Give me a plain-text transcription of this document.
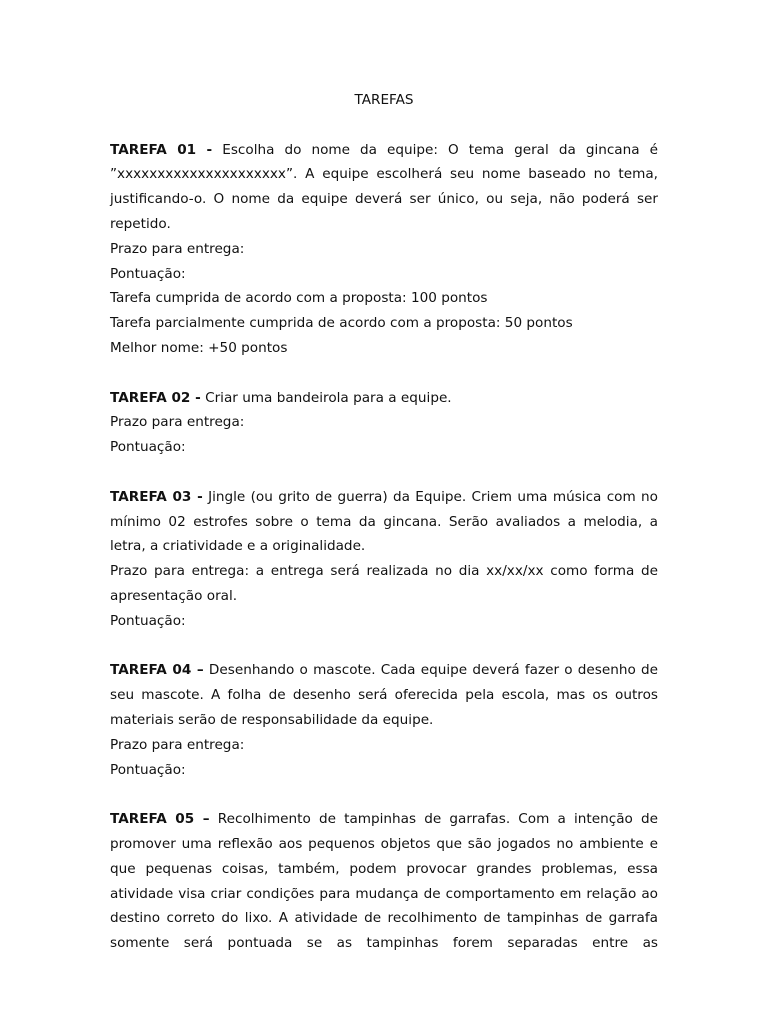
TAREFAS

TAREFA 01 - Escolha do nome da equipe: O tema geral da gincana é ”xxxxxxxxxxxxxxxxxxxxx”. A equipe escolherá seu nome baseado no tema, justificando-o. O nome da equipe deverá ser único, ou seja, não poderá ser repetido.

Prazo para entrega:

Pontuação:

Tarefa cumprida de acordo com a proposta: 100 pontos

Tarefa parcialmente cumprida de acordo com a proposta: 50 pontos

Melhor nome: +50 pontos

TAREFA 02 - Criar uma bandeirola para a equipe.

Prazo para entrega:

Pontuação:

TAREFA 03 - Jingle (ou grito de guerra) da Equipe. Criem uma música com no mínimo 02 estrofes sobre o tema da gincana. Serão avaliados a melodia, a letra, a criatividade e a originalidade.

Prazo para entrega: a entrega será realizada no dia xx/xx/xx como forma de apresentação oral.

Pontuação:

TAREFA 04 – Desenhando o mascote. Cada equipe deverá fazer o desenho de seu mascote. A folha de desenho será oferecida pela escola, mas os outros materiais serão de responsabilidade da equipe.

Prazo para entrega:

Pontuação:

TAREFA 05 – Recolhimento de tampinhas de garrafas. Com a intenção de promover uma reflexão aos pequenos objetos que são jogados no ambiente e que pequenas coisas, também, podem provocar grandes problemas, essa atividade visa criar condições para mudança de comportamento em relação ao destino correto do lixo. A atividade de recolhimento de tampinhas de garrafa somente será pontuada se as tampinhas forem separadas entre as
